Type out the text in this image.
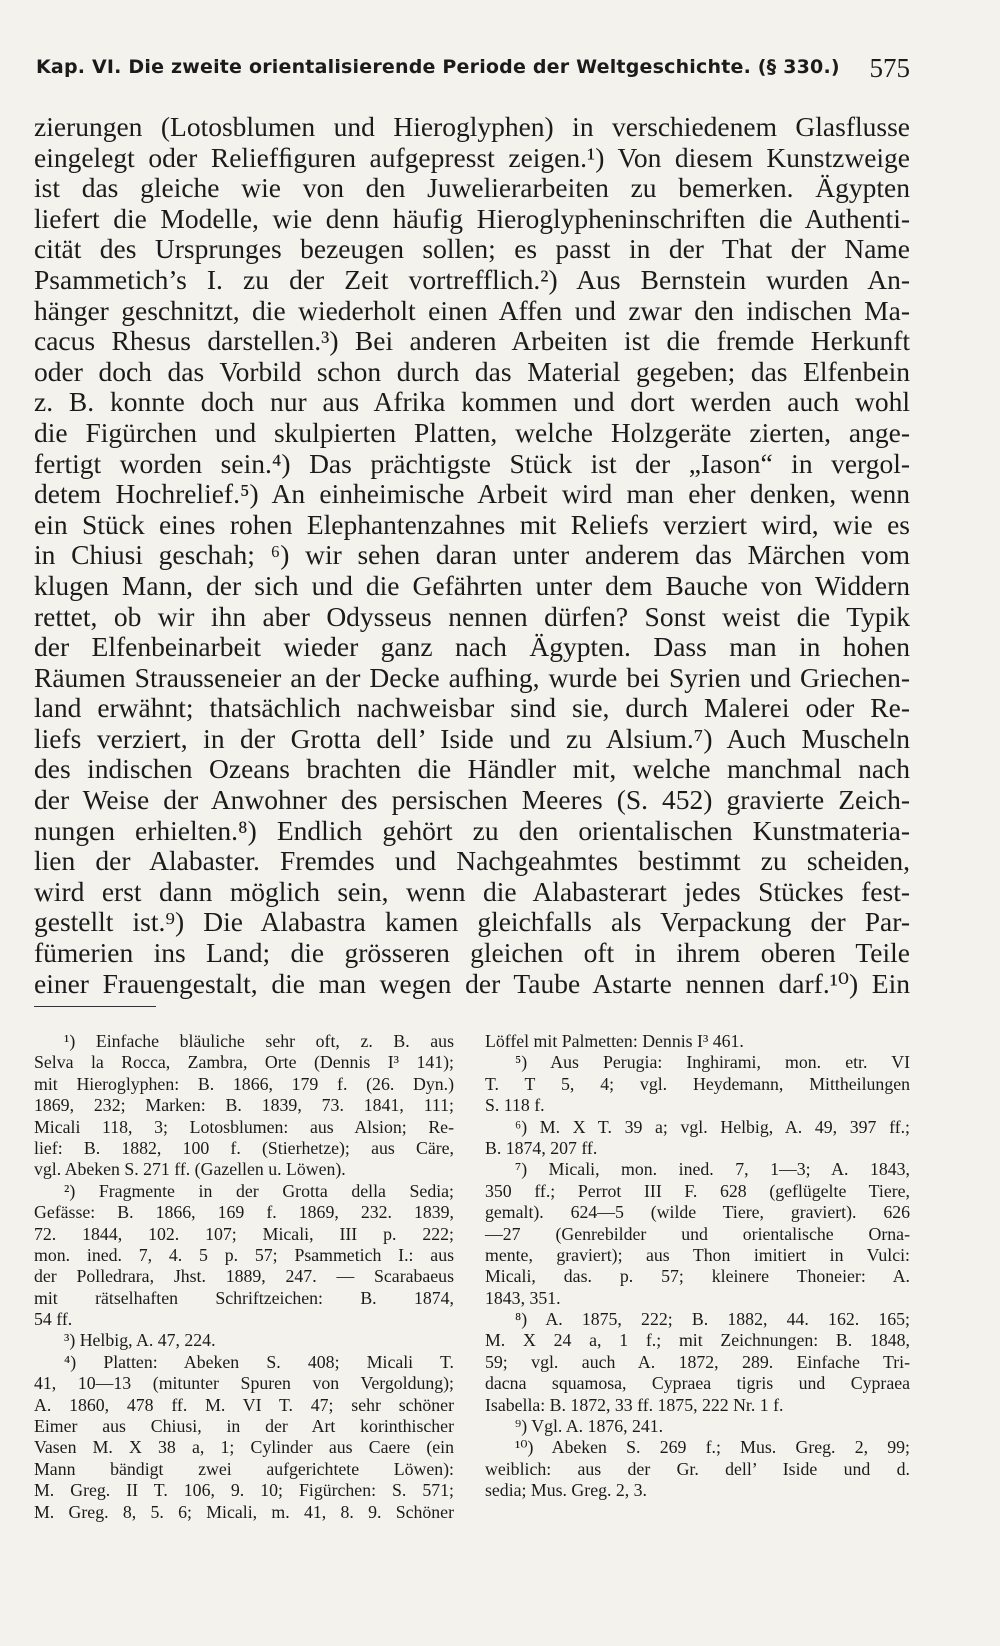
Kap. VI. Die zweite orientalisierende Periode der Weltgeschichte. (§ 330.) 575
zierungen (Lotosblumen und Hieroglyphen) in verschiedenem Glasflusse
eingelegt oder Reliefﬁguren aufgepresst zeigen.¹) Von diesem Kunstzweige
ist das gleiche wie von den Juwelierarbeiten zu bemerken. Ägypten
liefert die Modelle, wie denn häufig Hieroglypheninschriften die Authenti-
cität des Ursprunges bezeugen sollen; es passt in der That der Name
Psammetich’s I. zu der Zeit vortrefflich.²) Aus Bernstein wurden An-
hänger geschnitzt, die wiederholt einen Affen und zwar den indischen Ma-
cacus Rhesus darstellen.³) Bei anderen Arbeiten ist die fremde Herkunft
oder doch das Vorbild schon durch das Material gegeben; das Elfenbein
z. B. konnte doch nur aus Afrika kommen und dort werden auch wohl
die Figürchen und skulpierten Platten, welche Holzgeräte zierten, ange-
fertigt worden sein.⁴) Das prächtigste Stück ist der „Iason“ in vergol-
detem Hochrelief.⁵) An einheimische Arbeit wird man eher denken, wenn
ein Stück eines rohen Elephantenzahnes mit Reliefs verziert wird, wie es
in Chiusi geschah; ⁶) wir sehen daran unter anderem das Märchen vom
klugen Mann, der sich und die Gefährten unter dem Bauche von Widdern
rettet, ob wir ihn aber Odysseus nennen dürfen? Sonst weist die Typik
der Elfenbeinarbeit wieder ganz nach Ägypten. Dass man in hohen
Räumen Strausseneier an der Decke aufhing, wurde bei Syrien und Griechen-
land erwähnt; thatsächlich nachweisbar sind sie, durch Malerei oder Re-
liefs verziert, in der Grotta dell’ Iside und zu Alsium.⁷) Auch Muscheln
des indischen Ozeans brachten die Händler mit, welche manchmal nach
der Weise der Anwohner des persischen Meeres (S. 452) gravierte Zeich-
nungen erhielten.⁸) Endlich gehört zu den orientalischen Kunstmateria-
lien der Alabaster. Fremdes und Nachgeahmtes bestimmt zu scheiden,
wird erst dann möglich sein, wenn die Alabasterart jedes Stückes fest-
gestellt ist.⁹) Die Alabastra kamen gleichfalls als Verpackung der Par-
fümerien ins Land; die grösseren gleichen oft in ihrem oberen Teile
einer Frauengestalt, die man wegen der Taube Astarte nennen darf.¹⁰) Ein
¹) Einfache bläuliche sehr oft, z. B. aus
Selva la Rocca, Zambra, Orte (Dennis I³ 141);
mit Hieroglyphen: B. 1866, 179 f. (26. Dyn.)
1869, 232; Marken: B. 1839, 73. 1841, 111;
Micali 118, 3; Lotosblumen: aus Alsion; Re-
lief: B. 1882, 100 f. (Stierhetze); aus Cäre,
vgl. Abeken S. 271 ff. (Gazellen u. Löwen).
²) Fragmente in der Grotta della Sedia;
Gefässe: B. 1866, 169 f. 1869, 232. 1839,
72. 1844, 102. 107; Micali, III p. 222;
mon. ined. 7, 4. 5 p. 57; Psammetich I.: aus
der Polledrara, Jhst. 1889, 247. — Scarabaeus
mit rätselhaften Schriftzeichen: B. 1874,
54 ff.
³) Helbig, A. 47, 224.
⁴) Platten: Abeken S. 408; Micali T.
41, 10—13 (mitunter Spuren von Vergoldung);
A. 1860, 478 ff. M. VI T. 47; sehr schöner
Eimer aus Chiusi, in der Art korinthischer
Vasen M. X 38 a, 1; Cylinder aus Caere (ein
Mann bändigt zwei aufgerichtete Löwen):
M. Greg. II T. 106, 9. 10; Figürchen: S. 571;
M. Greg. 8, 5. 6; Micali, m. 41, 8. 9. Schöner
Löffel mit Palmetten: Dennis I³ 461.
⁵) Aus Perugia: Inghirami, mon. etr. VI
T. T 5, 4; vgl. Heydemann, Mittheilungen
S. 118 f.
⁶) M. X T. 39 a; vgl. Helbig, A. 49, 397 ff.;
B. 1874, 207 ff.
⁷) Micali, mon. ined. 7, 1—3; A. 1843,
350 ff.; Perrot III F. 628 (geflügelte Tiere,
gemalt). 624—5 (wilde Tiere, graviert). 626
—27 (Genrebilder und orientalische Orna-
mente, graviert); aus Thon imitiert in Vulci:
Micali, das. p. 57; kleinere Thoneier: A.
1843, 351.
⁸) A. 1875, 222; B. 1882, 44. 162. 165;
M. X 24 a, 1 f.; mit Zeichnungen: B. 1848,
59; vgl. auch A. 1872, 289. Einfache Tri-
dacna squamosa, Cypraea tigris und Cypraea
Isabella: B. 1872, 33 ff. 1875, 222 Nr. 1 f.
⁹) Vgl. A. 1876, 241.
¹⁰) Abeken S. 269 f.; Mus. Greg. 2, 99;
weiblich: aus der Gr. dell’ Iside und d.
sedia; Mus. Greg. 2, 3.
